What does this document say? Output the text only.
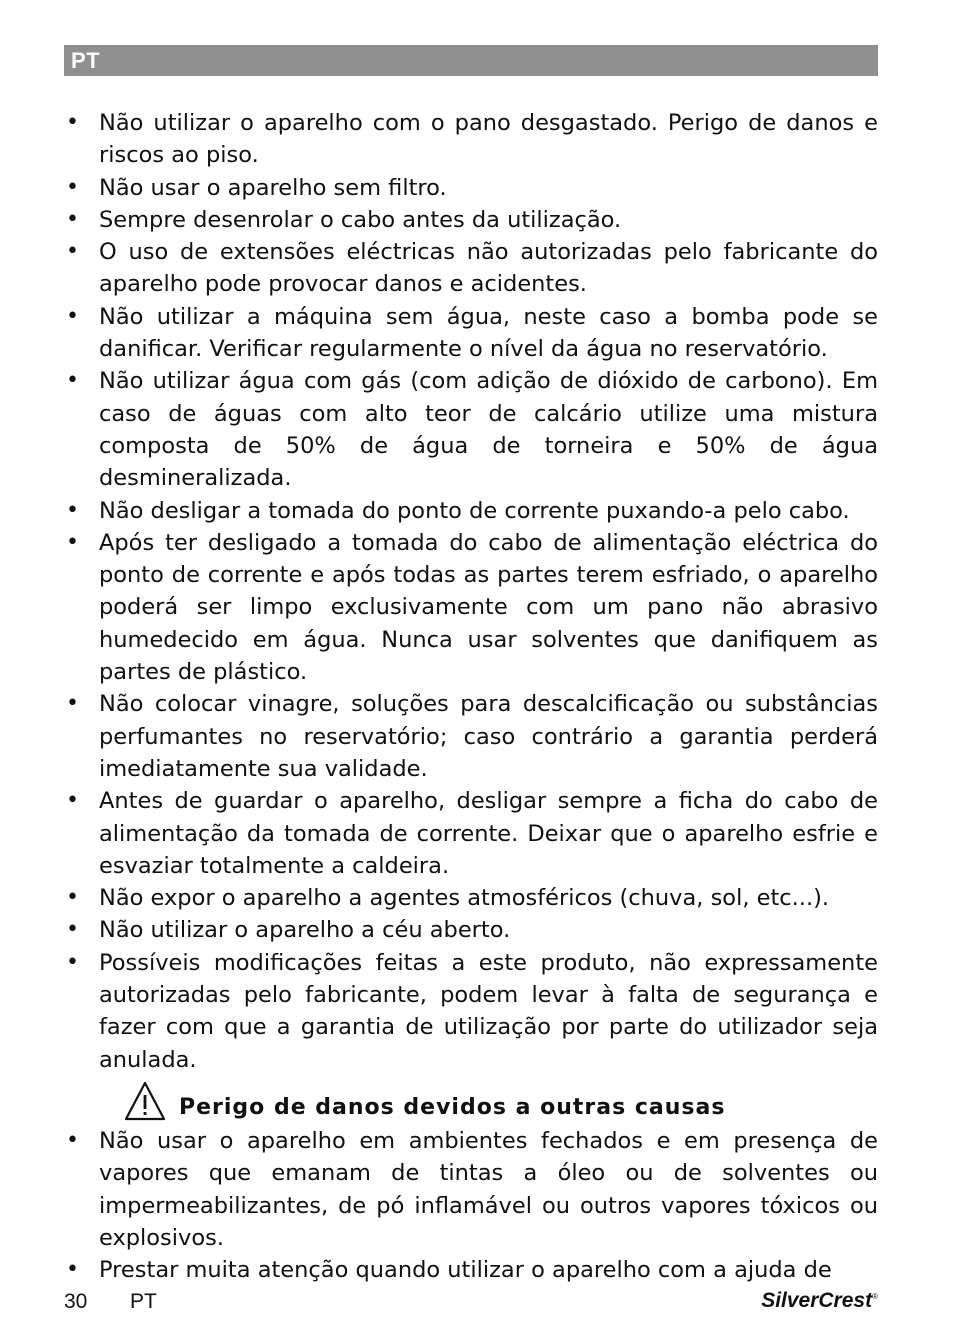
PT
• Não utilizar o aparelho com o pano desgastado. Perigo de danos e riscos ao piso.
• Não usar o aparelho sem filtro.
• Sempre desenrolar o cabo antes da utilização.
• O uso de extensões eléctricas não autorizadas pelo fabricante do aparelho pode provocar danos e acidentes.
• Não utilizar a máquina sem água, neste caso a bomba pode se danificar. Verificar regularmente o nível da água no reservatório.
• Não utilizar água com gás (com adição de dióxido de carbono). Em caso de águas com alto teor de calcário utilize uma mistura composta de 50% de água de torneira e 50% de água desmineralizada.
• Não desligar a tomada do ponto de corrente puxando-a pelo cabo.
• Após ter desligado a tomada do cabo de alimentação eléctrica do ponto de corrente e após todas as partes terem esfriado, o aparelho poderá ser limpo exclusivamente com um pano não abrasivo humedecido em água. Nunca usar solventes que danifiquem as partes de plástico.
• Não colocar vinagre, soluções para descalcificação ou substâncias perfumantes no reservatório; caso contrário a garantia perderá imediatamente sua validade.
• Antes de guardar o aparelho, desligar sempre a ficha do cabo de alimentação da tomada de corrente. Deixar que o aparelho esfrie e esvaziar totalmente a caldeira.
• Não expor o aparelho a agentes atmosféricos (chuva, sol, etc...).
• Não utilizar o aparelho a céu aberto.
• Possíveis modificações feitas a este produto, não expressamente autorizadas pelo fabricante, podem levar à falta de segurança e fazer com que a garantia de utilização por parte do utilizador seja anulada.
Perigo de danos devidos a outras causas
• Não usar o aparelho em ambientes fechados e em presença de vapores que emanam de tintas a óleo ou de solventes ou impermeabilizantes, de pó inflamável ou outros vapores tóxicos ou explosivos.
• Prestar muita atenção quando utilizar o aparelho com a ajuda de
30 PT	SilverCrest®
